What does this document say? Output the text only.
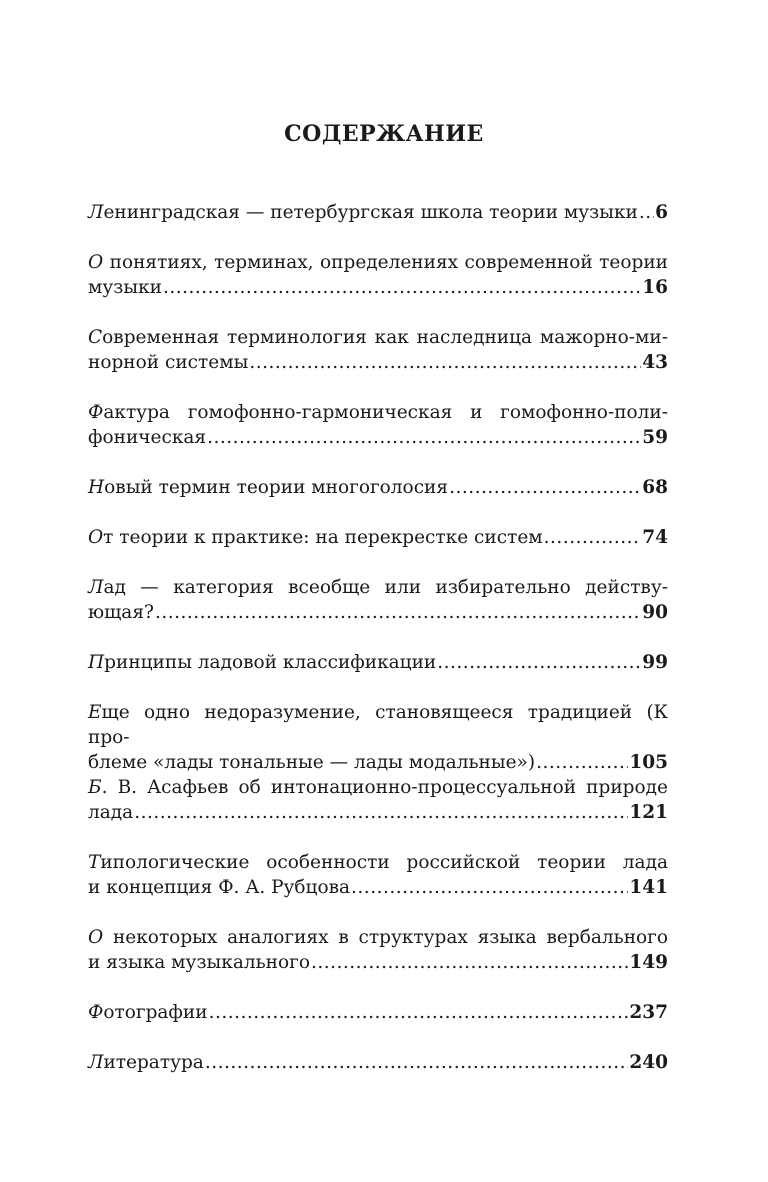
СОДЕРЖАНИЕ
Ленинградская — петербургская школа теории музыки ..... 6
О понятиях, терминах, определениях современной теории
музыки .....	16
Современная терминология как наследница мажорно-ми-
норной системы .....	43
Фактура гомофонно-гармоническая и гомофонно-поли-
фоническая .....	59
Новый термин теории многоголосия .....	68
От теории к практике: на перекрестке систем .....	74
Лад — категория всеобще или избирательно действу-
ющая? .....	90
Принципы ладовой классификации .....	99
Еще одно недоразумение, становящееся традицией (К про-
блеме «лады тональные — лады модальные») .....	105
Б. В. Асафьев об интонационно-процессуальной природе
лада .....	121
Типологические особенности российской теории лада
и концепция Ф. А. Рубцова .....	141
О некоторых аналогиях в структурах языка вербального
и языка музыкального .....	149
Фотографии .....	237
Литература .....	240
